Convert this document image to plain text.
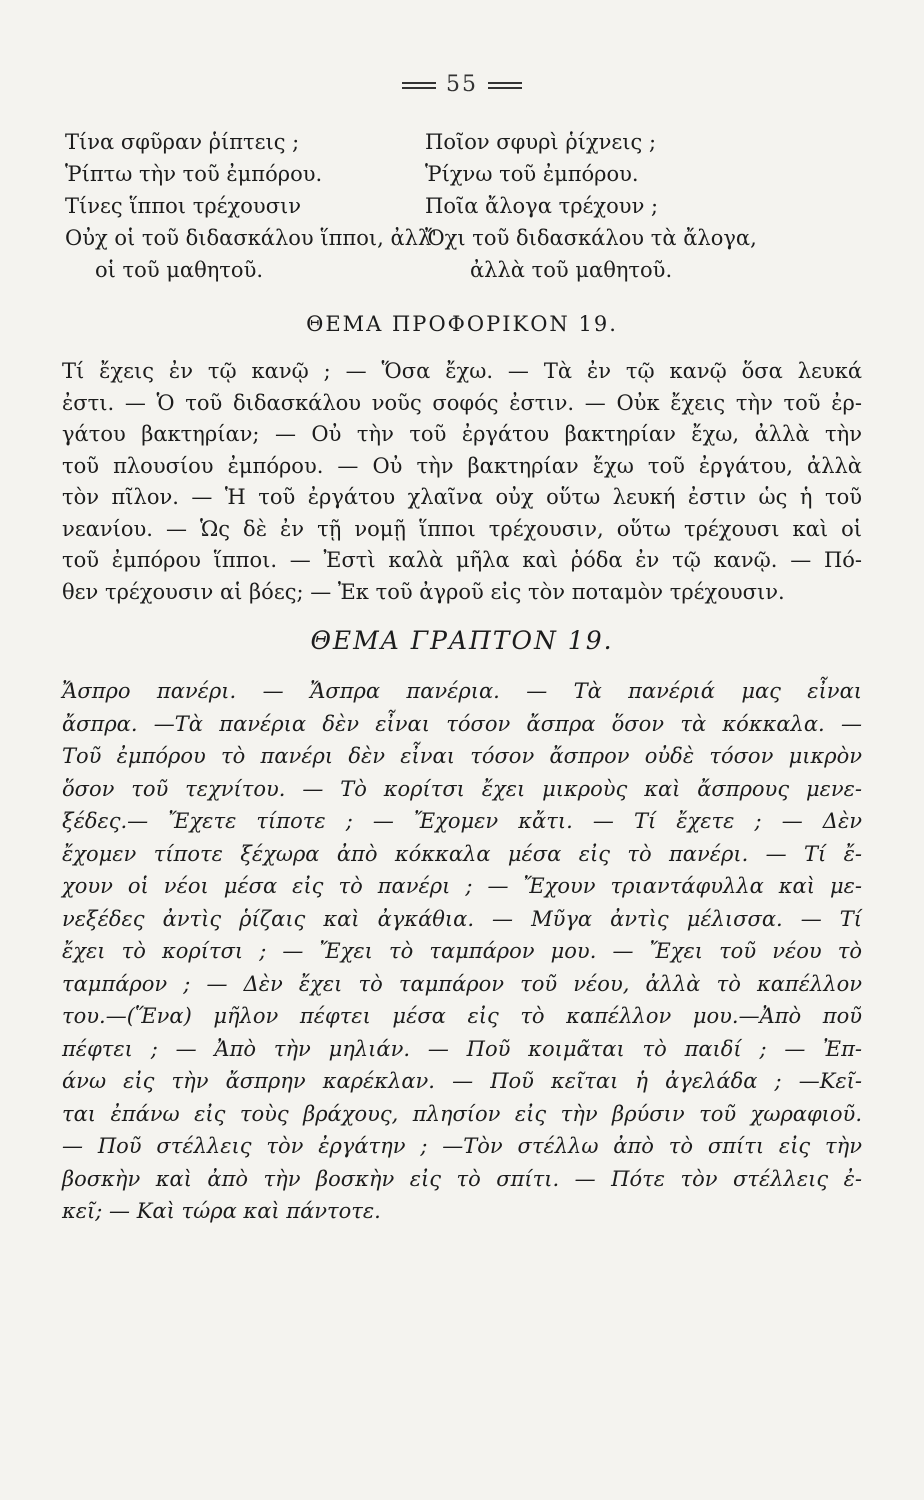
55
Τίνα σφῦραν ῥίπτεις ;
Ῥίπτω τὴν τοῦ ἐμπόρου.
Τίνες ἵπποι τρέχουσιν
Οὐχ οἱ τοῦ διδασκάλου ἵπποι, ἀλλ'
οἱ τοῦ μαθητοῦ.
Ποῖον σφυρὶ ῥίχνεις ;
Ῥίχνω τοῦ ἐμπόρου.
Ποῖα ἄλογα τρέχουν ;
Ὄχι τοῦ διδασκάλου τὰ ἄλογα,
ἀλλὰ τοῦ μαθητοῦ.
ΘΕΜΑ ΠΡΟΦΟΡΙΚΟΝ 19.
Τί ἔχεις ἐν τῷ κανῷ ; — Ὅσα ἔχω. — Τὰ ἐν τῷ κανῷ ὅσα λευκά
ἐστι. — Ὁ τοῦ διδασκάλου νοῦς σοφός ἐστιν. — Οὐκ ἔχεις τὴν τοῦ ἐρ-
γάτου βακτηρίαν; — Οὐ τὴν τοῦ ἐργάτου βακτηρίαν ἔχω, ἀλλὰ τὴν
τοῦ πλουσίου ἐμπόρου. — Οὐ τὴν βακτηρίαν ἔχω τοῦ ἐργάτου, ἀλλὰ
τὸν πῖλον. — Ἡ τοῦ ἐργάτου χλαῖνα οὐχ οὕτω λευκή ἐστιν ὡς ἡ τοῦ
νεανίου. — Ὡς δὲ ἐν τῇ νομῇ ἵπποι τρέχουσιν, οὕτω τρέχουσι καὶ οἱ
τοῦ ἐμπόρου ἵπποι. — Ἐστὶ καλὰ μῆλα καὶ ῥόδα ἐν τῷ κανῷ. — Πό-
θεν τρέχουσιν αἱ βόες; — Ἐκ τοῦ ἀγροῦ εἰς τὸν ποταμὸν τρέχουσιν.
ΘΕΜΑ ΓΡΑΠΤΟΝ 19.
Ἄσπρο πανέρι. — Ἄσπρα πανέρια. — Τὰ πανέριά μας εἶναι
ἄσπρα. —Τὰ πανέρια δὲν εἶναι τόσον ἄσπρα ὅσον τὰ κόκκαλα. —
Τοῦ ἐμπόρου τὸ πανέρι δὲν εἶναι τόσον ἄσπρον οὐδὲ τόσον μικρὸν
ὅσον τοῦ τεχνίτου. — Τὸ κορίτσι ἔχει μικροὺς καὶ ἄσπρους μενε-
ξέδες.— Ἔχετε τίποτε ; — Ἔχομεν κἄτι. — Τί ἔχετε ; — Δὲν
ἔχομεν τίποτε ξέχωρα ἀπὸ κόκκαλα μέσα εἰς τὸ πανέρι. — Τί ἔ-
χουν οἱ νέοι μέσα εἰς τὸ πανέρι ; — Ἔχουν τριαντάφυλλα καὶ με-
νεξέδες ἀντὶς ῥίζαις καὶ ἀγκάθια. — Μῦγα ἀντὶς μέλισσα. — Τί
ἔχει τὸ κορίτσι ; — Ἔχει τὸ ταμπάρον μου. — Ἔχει τοῦ νέου τὸ
ταμπάρον ; — Δὲν ἔχει τὸ ταμπάρον τοῦ νέου, ἀλλὰ τὸ καπέλλον
του.—(Ἕνα) μῆλον πέφτει μέσα εἰς τὸ καπέλλον μου.—Ἀπὸ ποῦ
πέφτει ; — Ἀπὸ τὴν μηλιάν. — Ποῦ κοιμᾶται τὸ παιδί ; — Ἐπ-
άνω εἰς τὴν ἄσπρην καρέκλαν. — Ποῦ κεῖται ἡ ἀγελάδα ; —Κεῖ-
ται ἐπάνω εἰς τοὺς βράχους, πλησίον εἰς τὴν βρύσιν τοῦ χωραφιοῦ.
— Ποῦ στέλλεις τὸν ἐργάτην ; —Τὸν στέλλω ἀπὸ τὸ σπίτι εἰς τὴν
βοσκὴν καὶ ἀπὸ τὴν βοσκὴν εἰς τὸ σπίτι. — Πότε τὸν στέλλεις ἐ-
κεῖ; — Καὶ τώρα καὶ πάντοτε.
